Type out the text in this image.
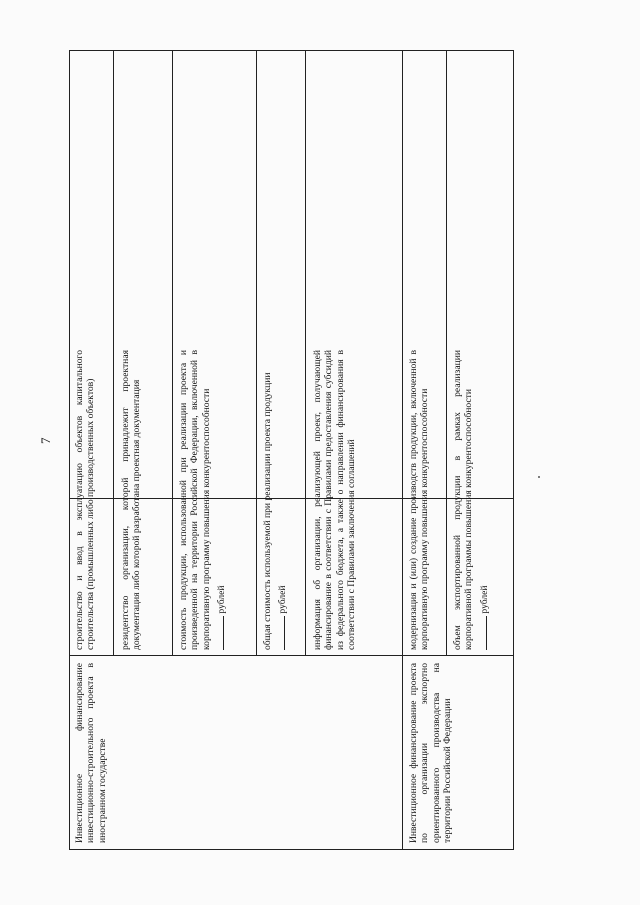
7
Инвестиционное финансирование инвестиционно-строительного проекта в иностранном государстве
строительство и ввод в эксплуатацию объектов капитального строительства (промышленных либо производственных объектов) резидентство организации, которой принадлежит проектная документация либо которой разработана проектная документация	стоимость продукции, использованной при реализации проекта и произведенной на территории Российской Федерации, включенной в корпоративную программу повышения конкурентоспособности рублей	общая стоимость используемой при реализации проекта продукции рублей информация об организации, реализующей проект, получающей финансирование в соответствии с Правилами предоставления субсидий из федерального бюджета, а также о направлении финансирования в соответствии с Правилами заключения соглашений
Инвестиционное финансирование проекта по организации экспортно ориентированного производства на территории Российской Федерации
модернизация и (или) создание производств продукции, включенной в корпоративную программу повышения конкурентоспособности объем экспортированной продукции в рамках реализации корпоративной программы повышения конкурентоспособности рублей
